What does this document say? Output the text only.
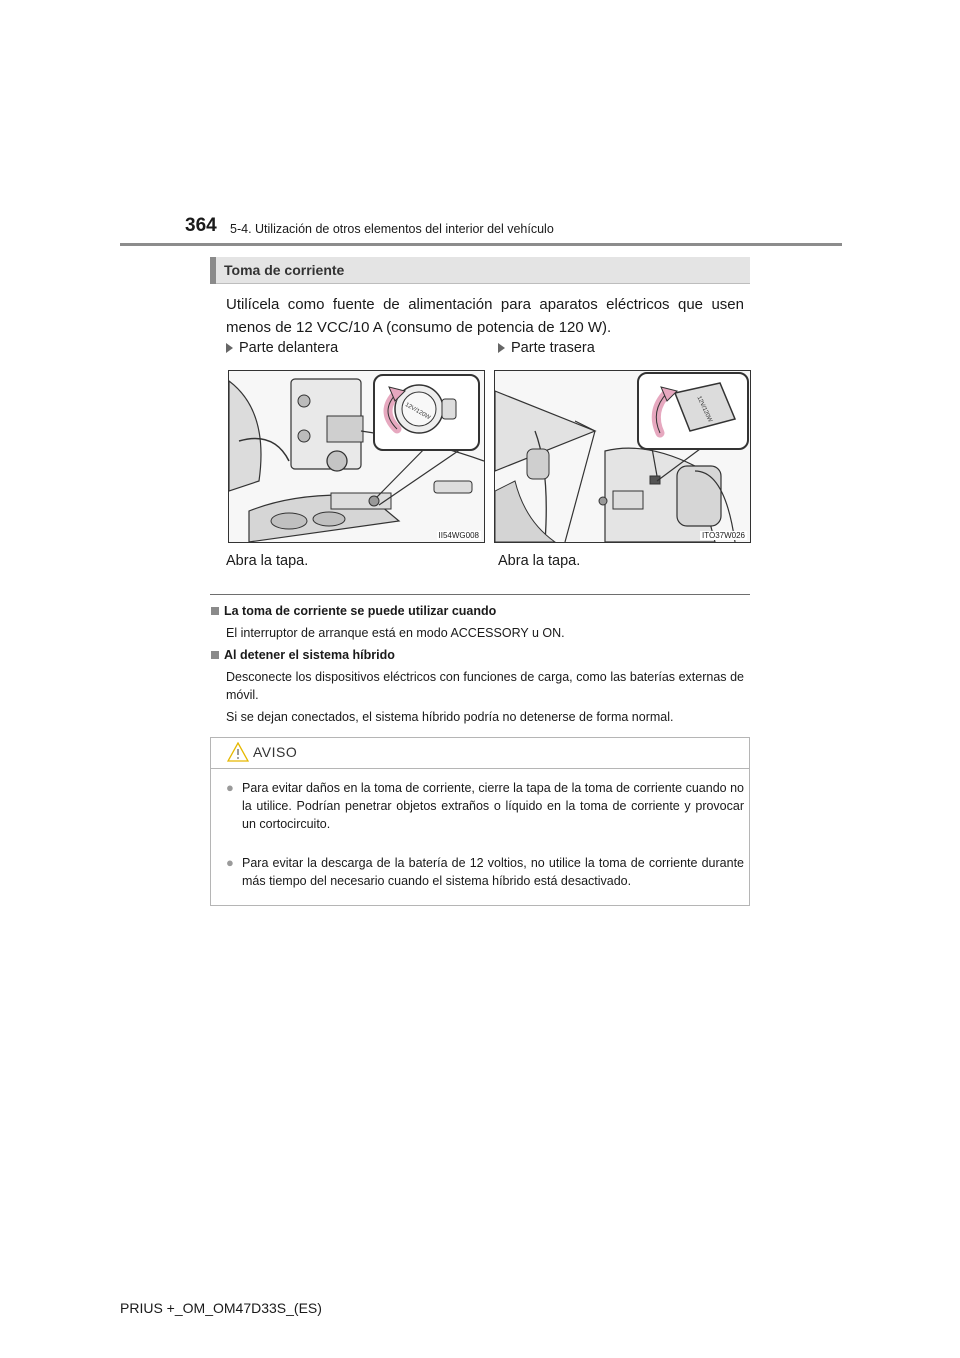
364 5-4. Utilización de otros elementos del interior del vehículo
Toma de corriente
Utilícela como fuente de alimentación para aparatos eléctricos que usen menos de 12 VCC/10 A (consumo de potencia de 120 W).
Parte delantera	Parte trasera
12V/120W
II54WG008
12V/120W
ITO37W026
Abra la tapa.	Abra la tapa.
La toma de corriente se puede utilizar cuando
El interruptor de arranque está en modo ACCESSORY u ON.
Al detener el sistema híbrido
Desconecte los dispositivos eléctricos con funciones de carga, como las baterías externas de móvil.
Si se dejan conectados, el sistema híbrido podría no detenerse de forma normal.
AVISO
● Para evitar daños en la toma de corriente, cierre la tapa de la toma de corriente cuando no la utilice. Podrían penetrar objetos extraños o líquido en la toma de corriente y provocar un cortocircuito.
● Para evitar la descarga de la batería de 12 voltios, no utilice la toma de corriente durante más tiempo del necesario cuando el sistema híbrido está desactivado.
PRIUS +_OM_OM47D33S_(ES)
